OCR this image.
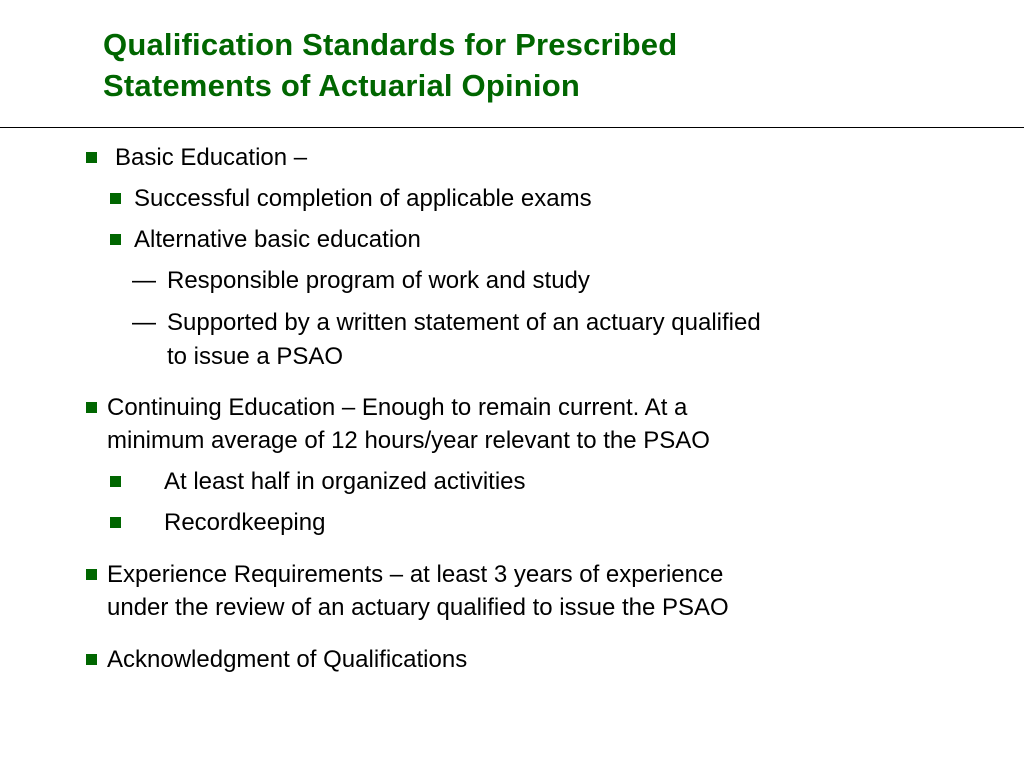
Qualification Standards for Prescribed
Statements of Actuarial Opinion
Basic Education –
Successful completion of applicable exams
Alternative basic education
— Responsible program of work and study
— Supported by a written statement of an actuary qualified
to issue a PSAO
Continuing Education – Enough to remain current. At a
minimum average of 12 hours/year relevant to the PSAO
At least half in organized activities
Recordkeeping
Experience Requirements – at least 3 years of experience
under the review of an actuary qualified to issue the PSAO
Acknowledgment of Qualifications
